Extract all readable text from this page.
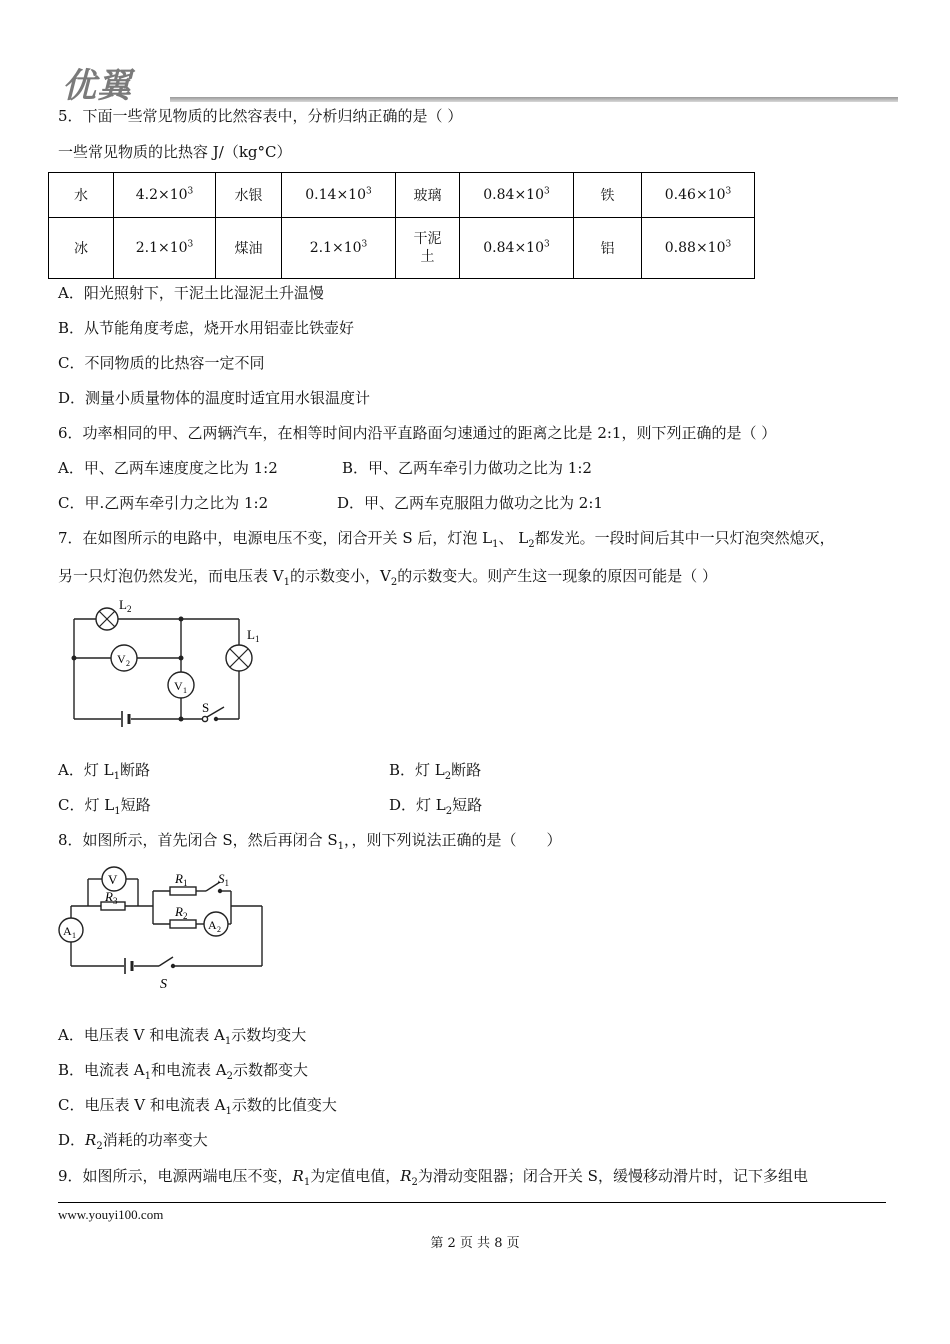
优翼
5．下面一些常见物质的比然容表中，分析归纳正确的是（ ）
一些常见物质的比热容 J/（kg°C）
水	$4.2\times 10^3$	水银	$0.14\times 10^3$	玻璃	$0.84\times 10^3$	铁	$0.46\times 10^3$
冰	$2.1\times 10^3$	煤油	$2.1\times 10^3$	干泥土	$0.84\times 10^3$	铝	$0.88\times 10^3$
A．阳光照射下，干泥土比湿泥土升温慢
B．从节能角度考虑，烧开水用铝壶比铁壶好
C．不同物质的比热容一定不同
D．测量小质量物体的温度时适宜用水银温度计
6．功率相同的甲、乙两辆汽车，在相等时间内沿平直路面匀速通过的距离之比是 2:1，则下列正确的是（ ）
A．甲、乙两车速度度之比为 1:2	B．甲、乙两车牵引力做功之比为 1:2
C．甲.乙两车牵引力之比为 1:2	D．甲、乙两车克服阻力做功之比为 2:1
7．在如图所示的电路中，电源电压不变，闭合开关 S 后，灯泡 $L_1$、 $L_2$都发光。一段时间后其中一只灯泡突然熄灭，
另一只灯泡仍然发光，而电压表 $V_1$的示数变小，$V_2$的示数变大。则产生这一现象的原因可能是（ ）
$L_2$
$L_1$
V 2
V 1
S
A．灯 $L_1$断路	B．灯 $L_2$断路
C．灯 $L_1$短路	D．灯 $L_2$短路
8．如图所示，首先闭合 S，然后再闭合 $S_1$，，则下列说法正确的是（　　）
V
$R_3$
$R_1$ $S_1$
$R_2$
A 2
A 1
S
A．电压表 V 和电流表 $A_1$示数均变大
B．电流表 $A_1$和电流表 $A_2$示数都变大
C．电压表 V 和电流表 $A_1$示数的比值变大
D．$R_2$消耗的功率变大
9．如图所示，电源两端电压不变，$R_1$为定值电值，$R_2$为滑动变阻器；闭合开关 S，缓慢移动滑片时，记下多组电
www.youyi100.com
第 2 页 共 8 页
